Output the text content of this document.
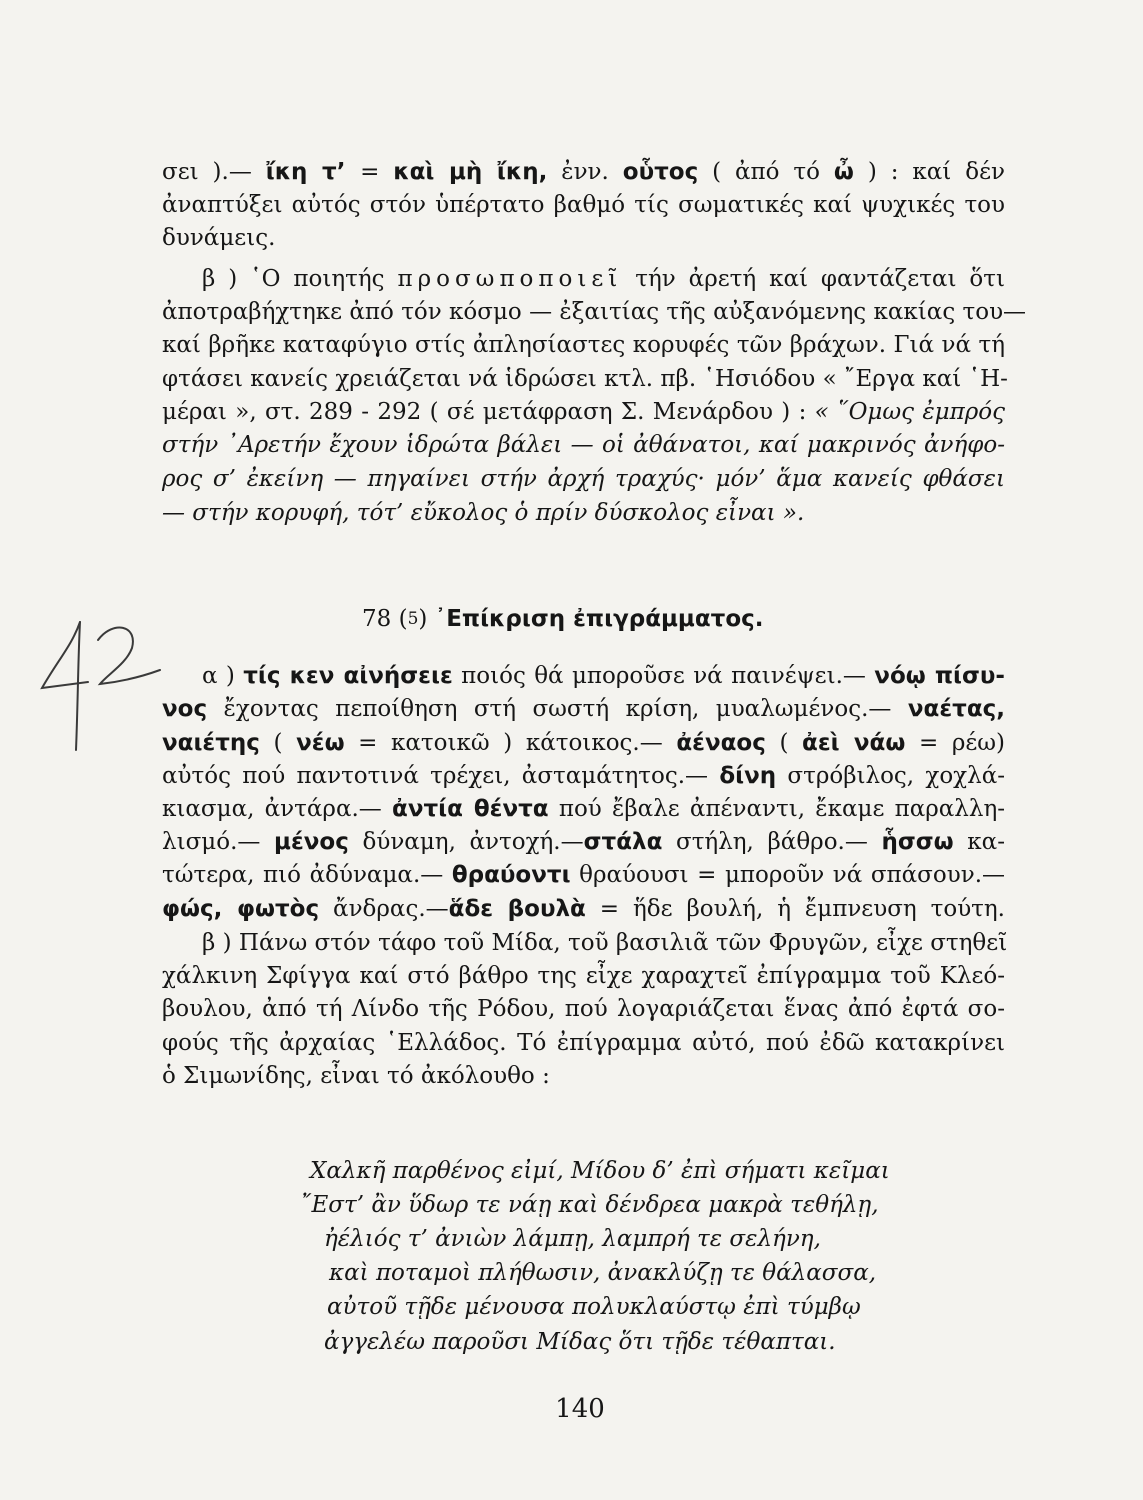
σει ).— ἴκη τ’ = καὶ μὴ ἴκη, ἐνν. οὗτος ( ἀπό τό ὦ ) : καί δέν
ἀναπτύξει αὐτός στόν ὑπέρτατο βαθμό τίς σωματικές καί ψυχικές του
δυνάμεις.
β ) ῾Ο ποιητής προσωποποιεῖ τήν ἀρετή καί φαντάζεται ὅτι
ἀποτραβήχτηκε ἀπό τόν κόσμο — ἐξαιτίας τῆς αὐξανόμενης κακίας του—
καί βρῆκε καταφύγιο στίς ἀπλησίαστες κορυφές τῶν βράχων. Γιά νά τή
φτάσει κανείς χρειάζεται νά ἱδρώσει κτλ. πβ. ῾Ησιόδου « ῎Εργα καί ῾Η-
μέραι », στ. 289 - 292 ( σέ μετάφραση Σ. Μενάρδου ) : « ῞Ομως ἐμπρός
στήν ᾿Αρετήν ἔχουν ἱδρώτα βάλει — οἱ ἀθάνατοι, καί μακρινός ἀνήφο-
ρος σ’ ἐκείνη — πηγαίνει στήν ἀρχή τραχύς· μόν’ ἅμα κανείς φθάσει
— στήν κορυφή, τότ’ εὔκολος ὁ πρίν δύσκολος εἶναι ».
78 (5) ᾿Επίκριση ἐπιγράμματος.
α ) τίς κεν αἰνήσειε ποιός θά μποροῦσε νά παινέψει.— νόῳ πίσυ-
νος ἔχοντας πεποίθηση στή σωστή κρίση, μυαλωμένος.— ναέτας,
ναιέτης ( νέω = κατοικῶ ) κάτοικος.— ἀέναος ( ἀεὶ νάω = ρέω)
αὐτός πού παντοτινά τρέχει, ἀσταμάτητος.— δίνη στρόβιλος, χοχλά-
κιασμα, ἀντάρα.— ἀντία θέντα πού ἔβαλε ἀπέναντι, ἔκαμε παραλλη-
λισμό.— μένος δύναμη, ἀντοχή.—στάλα στήλη, βάθρο.— ἧσσω κα-
τώτερα, πιό ἀδύναμα.— θραύοντι θραύουσι = μποροῦν νά σπάσουν.—
φώς, φωτὸς ἄνδρας.—ἅδε βουλὰ = ἥδε βουλή, ἡ ἔμπνευση τούτη.
β ) Πάνω στόν τάφο τοῦ Μίδα, τοῦ βασιλιᾶ τῶν Φρυγῶν, εἶχε στηθεῖ
χάλκινη Σφίγγα καί στό βάθρο της εἶχε χαραχτεῖ ἐπίγραμμα τοῦ Κλεό-
βουλου, ἀπό τή Λίνδο τῆς Ρόδου, πού λογαριάζεται ἕνας ἀπό ἐφτά σο-
φούς τῆς ἀρχαίας ῾Ελλάδος. Τό ἐπίγραμμα αὐτό, πού ἐδῶ κατακρίνει
ὁ Σιμωνίδης, εἶναι τό ἀκόλουθο :
Χαλκῆ παρθένος εἰμί, Μίδου δ’ ἐπὶ σήματι κεῖμαι
῎Εστ’ ἂν ὕδωρ τε νάῃ καὶ δένδρεα μακρὰ τεθήλῃ,
ἠέλιός τ’ ἀνιὼν λάμπῃ, λαμπρή τε σελήνη,
καὶ ποταμοὶ πλήθωσιν, ἀνακλύζῃ τε θάλασσα,
αὐτοῦ τῇδε μένουσα πολυκλαύστῳ ἐπὶ τύμβῳ
ἀγγελέω παροῦσι Μίδας ὅτι τῇδε τέθαπται.
140
